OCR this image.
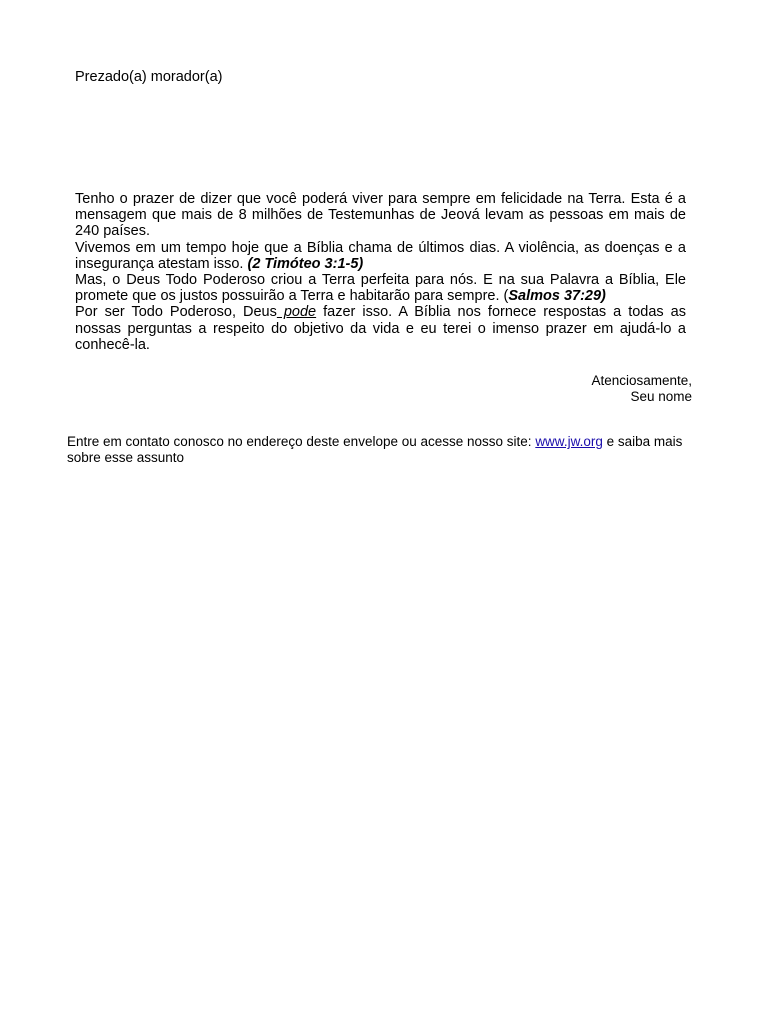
Prezado(a) morador(a)

Tenho o prazer de dizer que você poderá viver para sempre em felicidade na Terra. Esta é a mensagem que mais de 8 milhões de Testemunhas de Jeová levam as pessoas em mais de 240 países.

Vivemos em um tempo hoje que a Bíblia chama de últimos dias. A violência, as doenças e a insegurança atestam isso. (2 Timóteo 3:1-5)

Mas, o Deus Todo Poderoso criou a Terra perfeita para nós. E na sua Palavra a Bíblia, Ele promete que os justos possuirão a Terra e habitarão para sempre. (Salmos 37:29)

Por ser Todo Poderoso, Deus pode fazer isso. A Bíblia nos fornece respostas a todas as nossas perguntas a respeito do objetivo da vida e eu terei o imenso prazer em ajudá-lo a conhecê-la.

Atenciosamente,
Seu nome
Entre em contato conosco no endereço deste envelope ou acesse nosso site: www.jw.org e saiba mais sobre esse assunto
